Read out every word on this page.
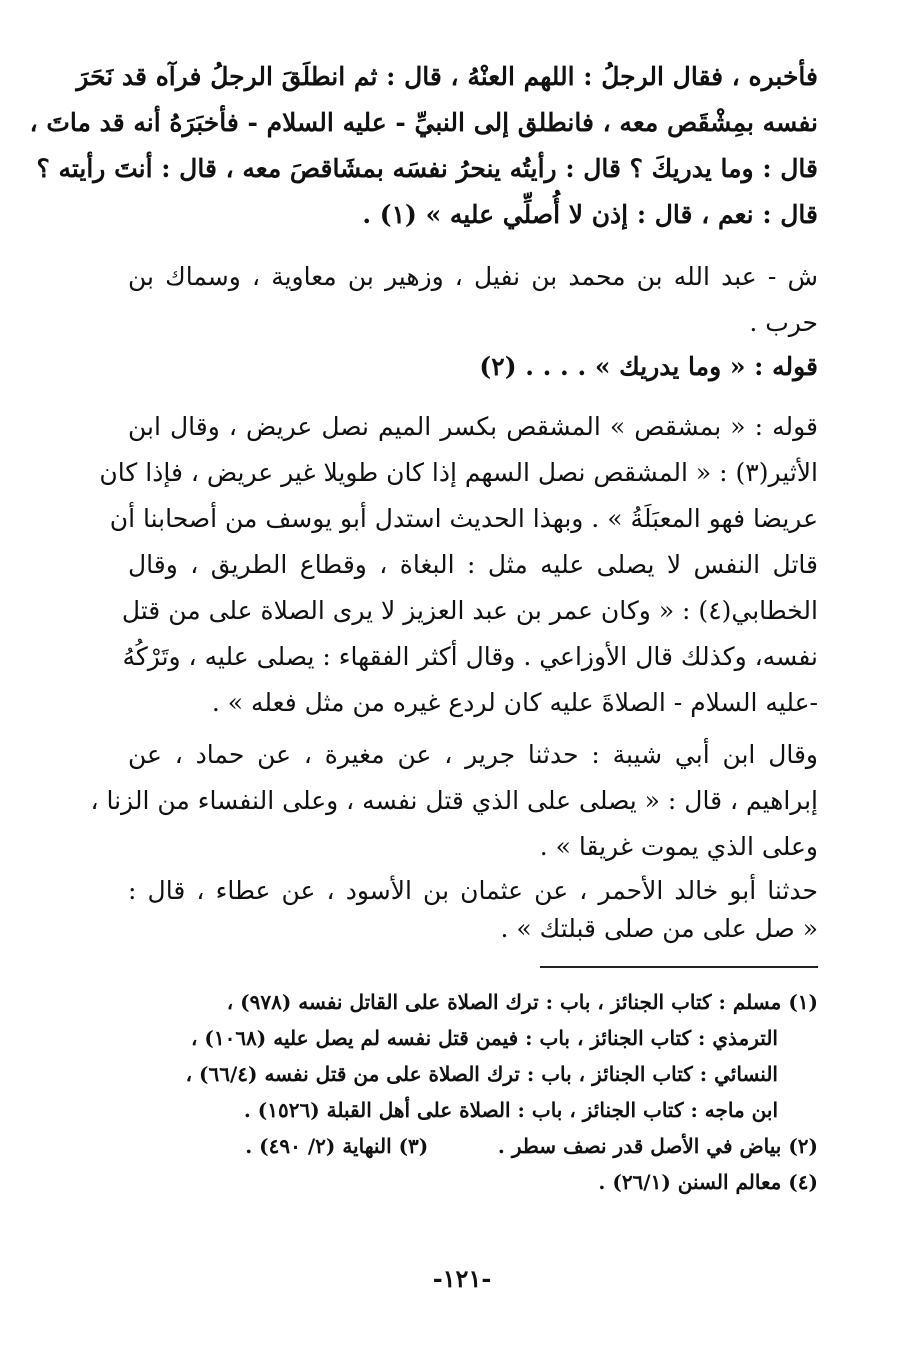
فأخبره ، فقال الرجلُ : اللهم العنْهُ ، قال : ثم انطلَقَ الرجلُ فرآه قد نَحَرَ
نفسه بمِشْقَص معه ، فانطلق إلى النبيِّ - عليه السلام - فأخبَرَهُ أنه قد ماتَ ،
قال : وما يدريكَ ؟ قال : رأيتُه ينحرُ نفسَه بمشَاقصَ معه ، قال : أنتَ رأيته ؟
قال : نعم ، قال : إذن لا أُصلِّي عليه » (١) .
ش - عبد الله بن محمد بن نفيل ، وزهير بن معاوية ، وسماك بن
حرب .
قوله : « وما يدريك » . . . . (٢)
قوله : « بمشقص » المشقص بكسر الميم نصل عريض ، وقال ابن
الأثير(٣) : « المشقص نصل السهم إذا كان طويلا غير عريض ، فإذا كان
عريضا فهو المعبَلَةُ » . وبهذا الحديث استدل أبو يوسف من أصحابنا أن
قاتل النفس لا يصلى عليه مثل : البغاة ، وقطاع الطريق ، وقال
الخطابي(٤) : « وكان عمر بن عبد العزيز لا يرى الصلاة على من قتل
نفسه، وكذلك قال الأوزاعي . وقال أكثر الفقهاء : يصلى عليه ، وتَرْكُهُ
-عليه السلام - الصلاةَ عليه كان لردع غيره من مثل فعله » .
وقال ابن أبي شيبة : حدثنا جرير ، عن مغيرة ، عن حماد ، عن
إبراهيم ، قال : « يصلى على الذي قتل نفسه ، وعلى النفساء من الزنا ،
وعلى الذي يموت غريقا » .
حدثنا أبو خالد الأحمر ، عن عثمان بن الأسود ، عن عطاء ، قال :
« صل على من صلى قبلتك » .
(١) مسلم : كتاب الجنائز ، باب : ترك الصلاة على القاتل نفسه (٩٧٨) ،
الترمذي : كتاب الجنائز ، باب : فيمن قتل نفسه لم يصل عليه (١٠٦٨) ،
النسائي : كتاب الجنائز ، باب : ترك الصلاة على من قتل نفسه (٦٦/٤) ،
ابن ماجه : كتاب الجنائز ، باب : الصلاة على أهل القبلة (١٥٢٦) .
(٢) بياض في الأصل قدر نصف سطر .          (٣) النهاية (٢/ ٤٩٠) .
(٤) معالم السنن (٢٦/١) .
-١٢١-
